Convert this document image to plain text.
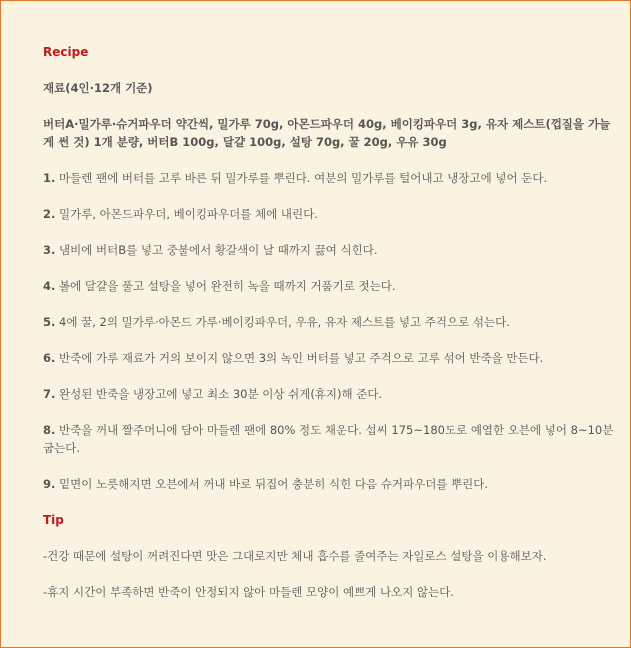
Recipe
재료(4인·12개 기준)
버터A·밀가루·슈거파우더 약간씩, 밀가루 70g, 아몬드파우더 40g, 베이킹파우더 3g, 유자 제스트(껍질을 가늘게 썬 것) 1개 분량, 버터B 100g, 달걀 100g, 설탕 70g, 꿀 20g, 우유 30g
1. 마들렌 팬에 버터를 고루 바른 뒤 밀가루를 뿌린다. 여분의 밀가루를 털어내고 냉장고에 넣어 둔다.
2. 밀가루, 아몬드파우더, 베이킹파우더를 체에 내린다.
3. 냄비에 버터B를 넣고 중불에서 황갈색이 날 때까지 끓여 식힌다.
4. 볼에 달걀을 풀고 설탕을 넣어 완전히 녹을 때까지 거품기로 젓는다.
5. 4에 꿀, 2의 밀가루·아몬드 가루·베이킹파우더, 우유, 유자 제스트를 넣고 주걱으로 섞는다.
6. 반죽에 가루 재료가 거의 보이지 않으면 3의 녹인 버터를 넣고 주걱으로 고루 섞어 반죽을 만든다.
7. 완성된 반죽을 냉장고에 넣고 최소 30분 이상 쉬게(휴지)해 준다.
8. 반죽을 꺼내 짤주머니에 담아 마들렌 팬에 80% 정도 채운다. 섭씨 175~180도로 예열한 오븐에 넣어 8~10분 굽는다.
9. 밑면이 노릇해지면 오븐에서 꺼내 바로 뒤집어 충분히 식힌 다음 슈거파우더를 뿌린다.
Tip
-건강 때문에 설탕이 꺼려진다면 맛은 그대로지만 체내 흡수를 줄여주는 자일로스 설탕을 이용해보자.
-휴지 시간이 부족하면 반죽이 안정되지 않아 마들렌 모양이 예쁘게 나오지 않는다.
